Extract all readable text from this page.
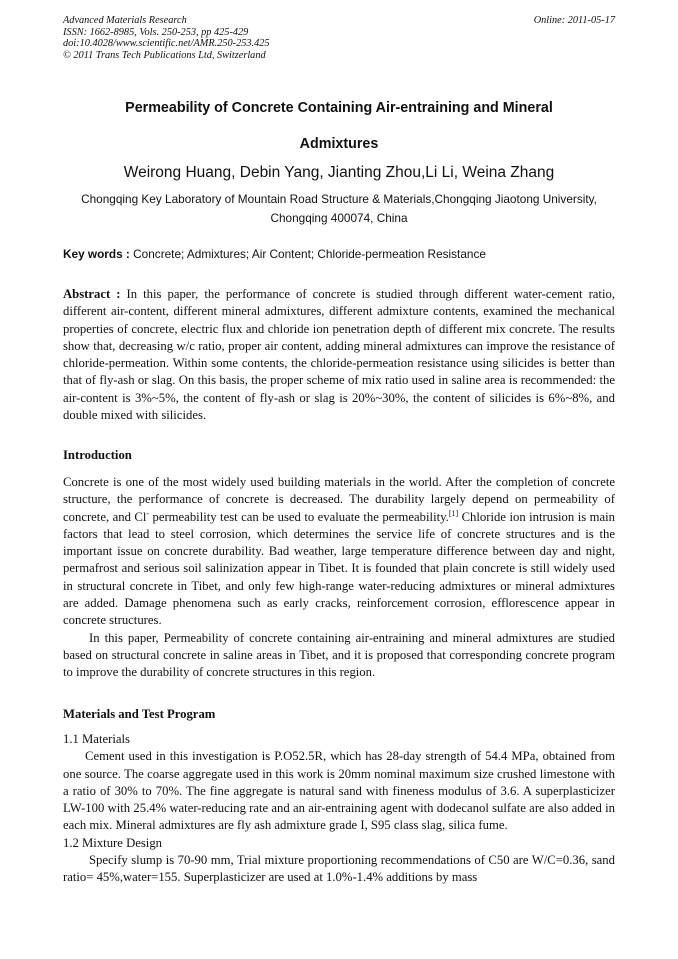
Advanced Materials Research
ISSN: 1662-8985, Vols. 250-253, pp 425-429
doi:10.4028/www.scientific.net/AMR.250-253.425
© 2011 Trans Tech Publications Ltd, Switzerland
Online: 2011-05-17
Permeability of Concrete Containing Air-entraining and Mineral
Admixtures
Weirong Huang, Debin Yang, Jianting Zhou,Li Li, Weina Zhang
Chongqing Key Laboratory of Mountain Road Structure & Materials,Chongqing Jiaotong University,
Chongqing 400074, China
Key words : Concrete; Admixtures; Air Content; Chloride-permeation Resistance
Abstract : In this paper, the performance of concrete is studied through different water-cement ratio, different air-content, different mineral admixtures, different admixture contents, examined the mechanical properties of concrete, electric flux and chloride ion penetration depth of different mix concrete. The results show that, decreasing w/c ratio, proper air content, adding mineral admixtures can improve the resistance of chloride-permeation. Within some contents, the chloride-permeation resistance using silicides is better than that of fly-ash or slag. On this basis, the proper scheme of mix ratio used in saline area is recommended: the air-content is 3%~5%, the content of fly-ash or slag is 20%~30%, the content of silicides is 6%~8%, and double mixed with silicides.
Introduction

Concrete is one of the most widely used building materials in the world. After the completion of concrete structure, the performance of concrete is decreased. The durability largely depend on permeability of concrete, and Cl- permeability test can be used to evaluate the permeability.[1] Chloride ion intrusion is main factors that lead to steel corrosion, which determines the service life of concrete structures and is the important issue on concrete durability. Bad weather, large temperature difference between day and night, permafrost and serious soil salinization appear in Tibet. It is founded that plain concrete is still widely used in structural concrete in Tibet, and only few high-range water-reducing admixtures or mineral admixtures are added. Damage phenomena such as early cracks, reinforcement corrosion, efflorescence appear in concrete structures.

In this paper, Permeability of concrete containing air-entraining and mineral admixtures are studied based on structural concrete in saline areas in Tibet, and it is proposed that corresponding concrete program to improve the durability of concrete structures in this region.

Materials and Test Program

1.1 Materials

Cement used in this investigation is P.O52.5R, which has 28-day strength of 54.4 MPa, obtained from one source. The coarse aggregate used in this work is 20mm nominal maximum size crushed limestone with a ratio of 30% to 70%. The fine aggregate is natural sand with fineness modulus of 3.6. A superplasticizer LW-100 with 25.4% water-reducing rate and an air-entraining agent with dodecanol sulfate are also added in each mix. Mineral admixtures are fly ash admixture grade I, S95 class slag, silica fume.

1.2 Mixture Design

Specify slump is 70-90 mm, Trial mixture proportioning recommendations of C50 are W/C=0.36, sand ratio= 45%,water=155. Superplasticizer are used at 1.0%-1.4% additions by mass
